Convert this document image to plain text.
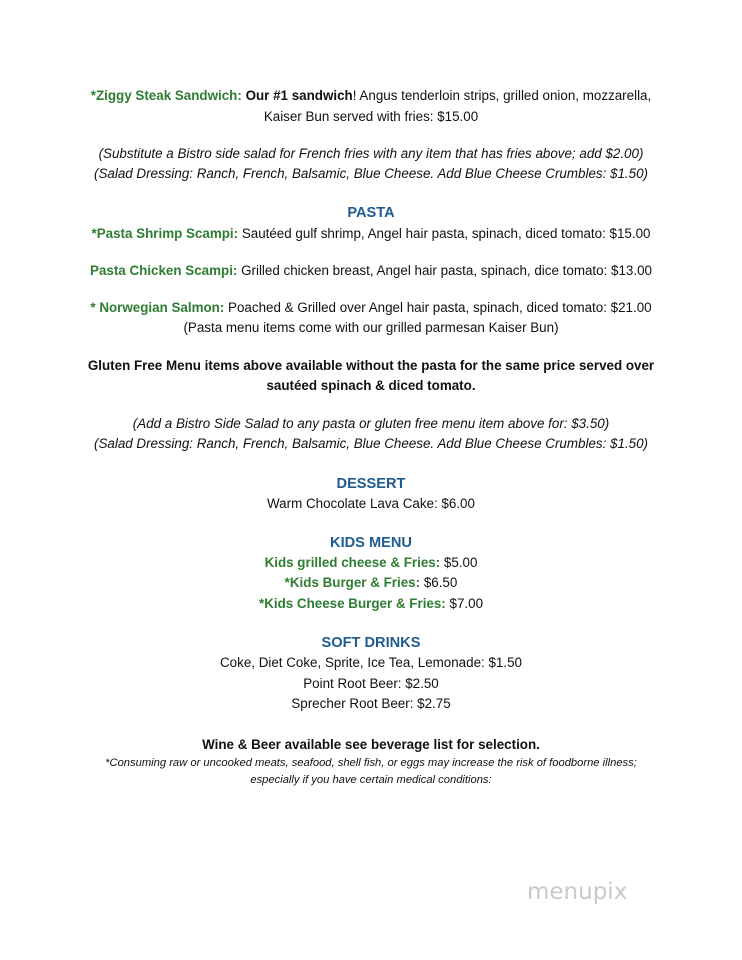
*Ziggy Steak Sandwich: Our #1 sandwich! Angus tenderloin strips, grilled onion, mozzarella,
Kaiser Bun served with fries: $15.00
(Substitute a Bistro side salad for French fries with any item that has fries above; add $2.00)
(Salad Dressing: Ranch, French, Balsamic, Blue Cheese. Add Blue Cheese Crumbles: $1.50)
PASTA
*Pasta Shrimp Scampi: Sautéed gulf shrimp, Angel hair pasta, spinach, diced tomato: $15.00
Pasta Chicken Scampi: Grilled chicken breast, Angel hair pasta, spinach, dice tomato: $13.00
* Norwegian Salmon: Poached & Grilled over Angel hair pasta, spinach, diced tomato: $21.00
(Pasta menu items come with our grilled parmesan Kaiser Bun)
Gluten Free Menu items above available without the pasta for the same price served over
sautéed spinach & diced tomato.
(Add a Bistro Side Salad to any pasta or gluten free menu item above for: $3.50)
(Salad Dressing: Ranch, French, Balsamic, Blue Cheese. Add Blue Cheese Crumbles: $1.50)
DESSERT
Warm Chocolate Lava Cake: $6.00
KIDS MENU
Kids grilled cheese & Fries: $5.00
*Kids Burger & Fries: $6.50
*Kids Cheese Burger & Fries: $7.00
SOFT DRINKS
Coke, Diet Coke, Sprite, Ice Tea, Lemonade: $1.50
Point Root Beer: $2.50
Sprecher Root Beer: $2.75
Wine & Beer available see beverage list for selection.
*Consuming raw or uncooked meats, seafood, shell fish, or eggs may increase the risk of foodborne illness;
especially if you have certain medical conditions:
menupix
